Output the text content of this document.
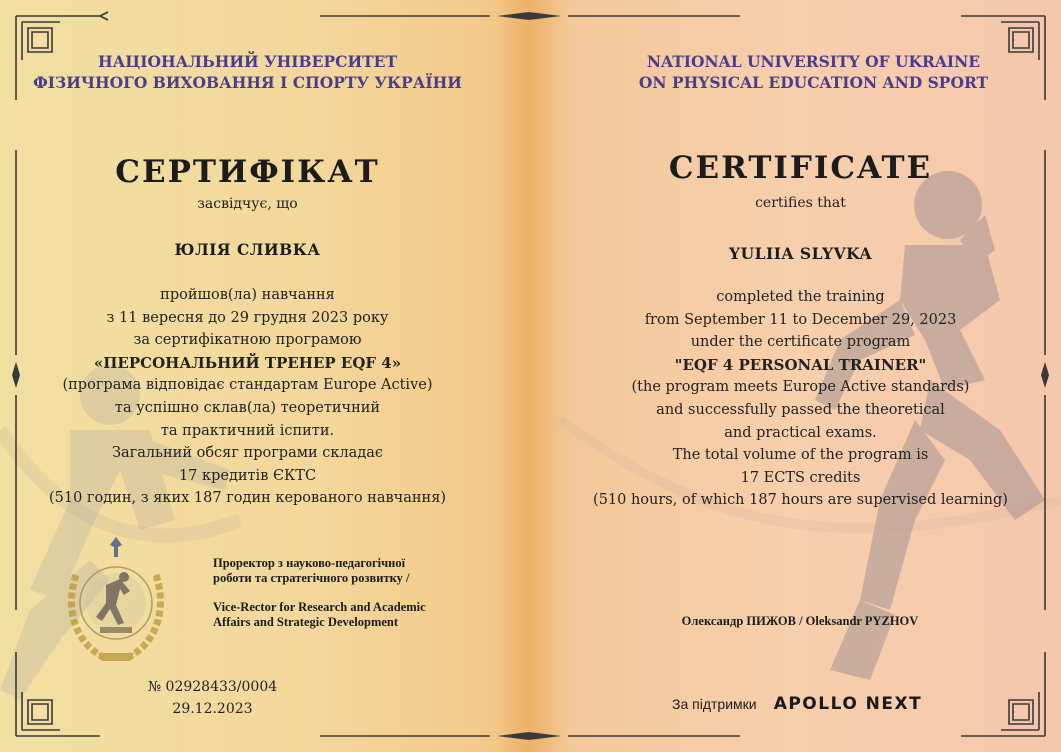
НАЦІОНАЛЬНИЙ УНІВЕРСИТЕТ
ФІЗИЧНОГО ВИХОВАННЯ І СПОРТУ УКРАЇНИ
СЕРТИФІКАТ
засвідчує, що
ЮЛІЯ СЛИВКА
пройшов(ла) навчання
з 11 вересня до 29 грудня 2023 року
за сертифікатною програмою
«ПЕРСОНАЛЬНИЙ ТРЕНЕР EQF 4»
(програма відповідає стандартам Europe Active)
та успішно склав(ла) теоретичний
та практичний іспити.
Загальний обсяг програми складає
17 кредитів ЄКТС
(510 годин, з яких 187 годин керованого навчання)
Проректор з науково-педагогічної
роботи та стратегічного розвитку /
Vice-Rector for Research and Academic
Affairs and Strategic Development
№ 02928433/0004
29.12.2023
NATIONAL UNIVERSITY OF UKRAINE
ON PHYSICAL EDUCATION AND SPORT
CERTIFICATE
certifies that
YULIIA SLYVKA
completed the training
from September 11 to December 29, 2023
under the certificate program
"EQF 4 PERSONAL TRAINER"
(the program meets Europe Active standards)
and successfully passed the theoretical
and practical exams.
The total volume of the program is
17 ECTS credits
(510 hours, of which 187 hours are supervised learning)
Олександр ПИЖОВ / Oleksandr PYZHOV
За підтримки APOLLO NEXT
